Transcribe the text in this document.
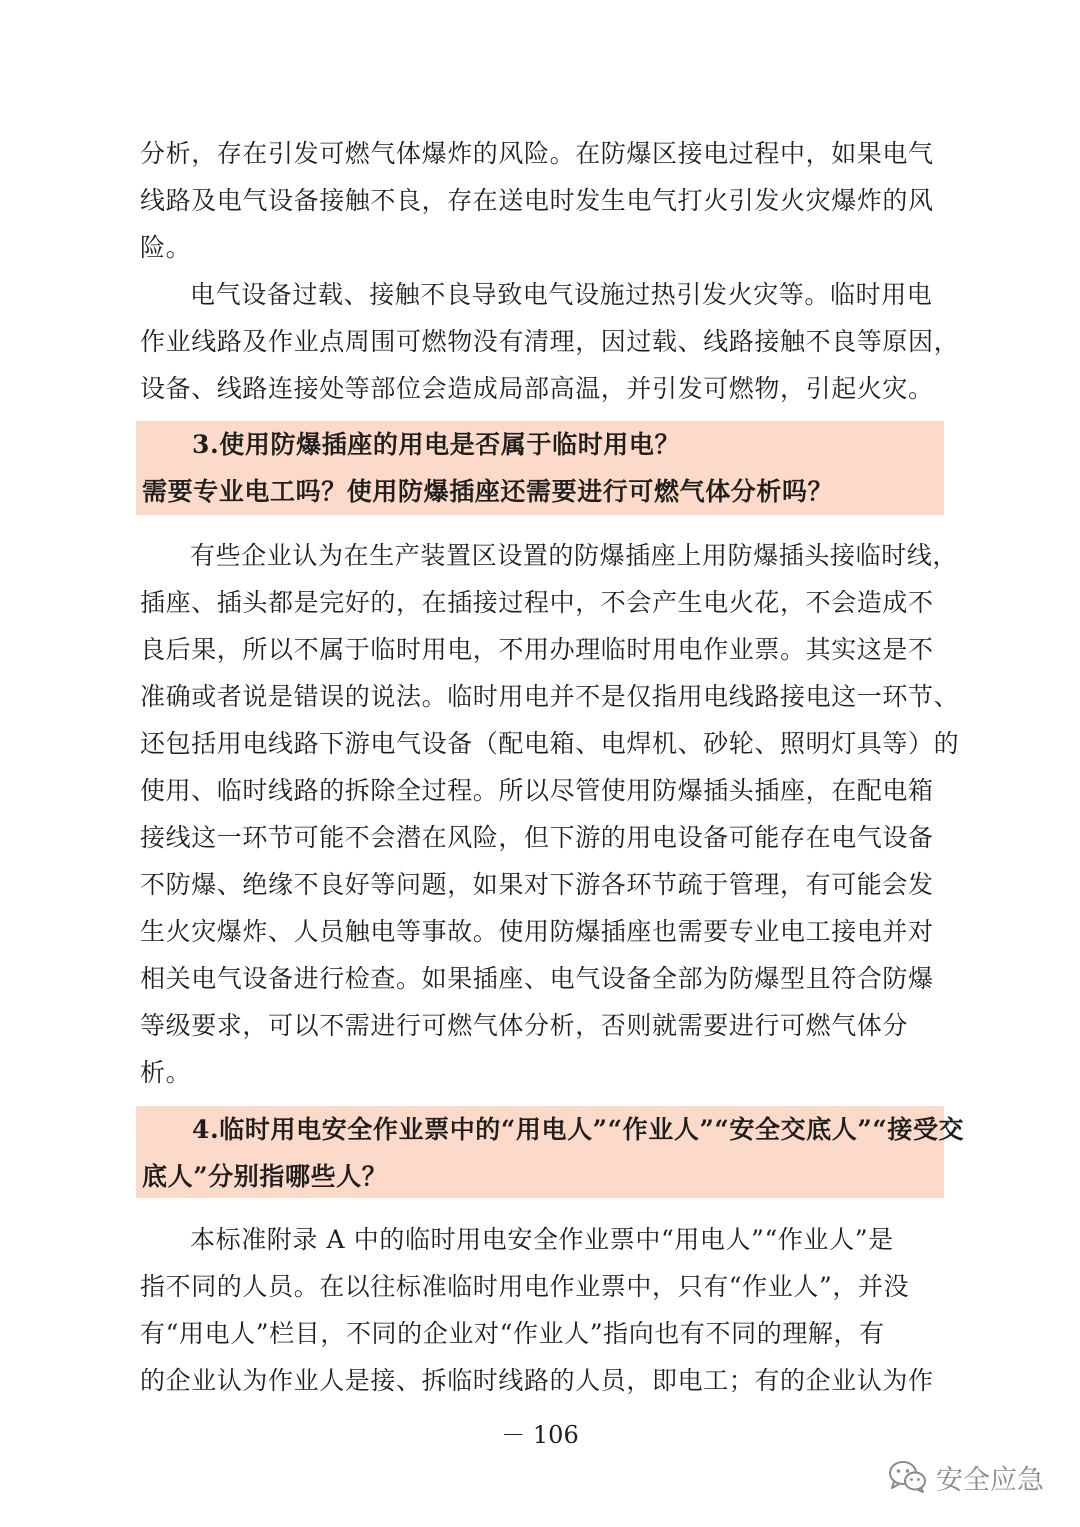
分析，存在引发可燃气体爆炸的风险。在防爆区接电过程中，如果电气
线路及电气设备接触不良，存在送电时发生电气打火引发火灾爆炸的风
险。
电气设备过载、接触不良导致电气设施过热引发火灾等。临时用电
作业线路及作业点周围可燃物没有清理，因过载、线路接触不良等原因，
设备、线路连接处等部位会造成局部高温，并引发可燃物，引起火灾。
3.使用防爆插座的用电是否属于临时用电？
需要专业电工吗？使用防爆插座还需要进行可燃气体分析吗？
有些企业认为在生产装置区设置的防爆插座上用防爆插头接临时线，
插座、插头都是完好的，在插接过程中，不会产生电火花，不会造成不
良后果，所以不属于临时用电，不用办理临时用电作业票。其实这是不
准确或者说是错误的说法。临时用电并不是仅指用电线路接电这一环节、
还包括用电线路下游电气设备（配电箱、电焊机、砂轮、照明灯具等）的
使用、临时线路的拆除全过程。所以尽管使用防爆插头插座，在配电箱
接线这一环节可能不会潜在风险，但下游的用电设备可能存在电气设备
不防爆、绝缘不良好等问题，如果对下游各环节疏于管理，有可能会发
生火灾爆炸、人员触电等事故。使用防爆插座也需要专业电工接电并对
相关电气设备进行检查。如果插座、电气设备全部为防爆型且符合防爆
等级要求，可以不需进行可燃气体分析，否则就需要进行可燃气体分
析。
4.临时用电安全作业票中的“用电人”“作业人”“安全交底人”“接受交
底人”分别指哪些人？
本标准附录 A 中的临时用电安全作业票中“用电人”“作业人”是
指不同的人员。在以往标准临时用电作业票中，只有“作业人”，并没
有“用电人”栏目，不同的企业对“作业人”指向也有不同的理解，有
的企业认为作业人是接、拆临时线路的人员，即电工；有的企业认为作
－ 106
安全应急
